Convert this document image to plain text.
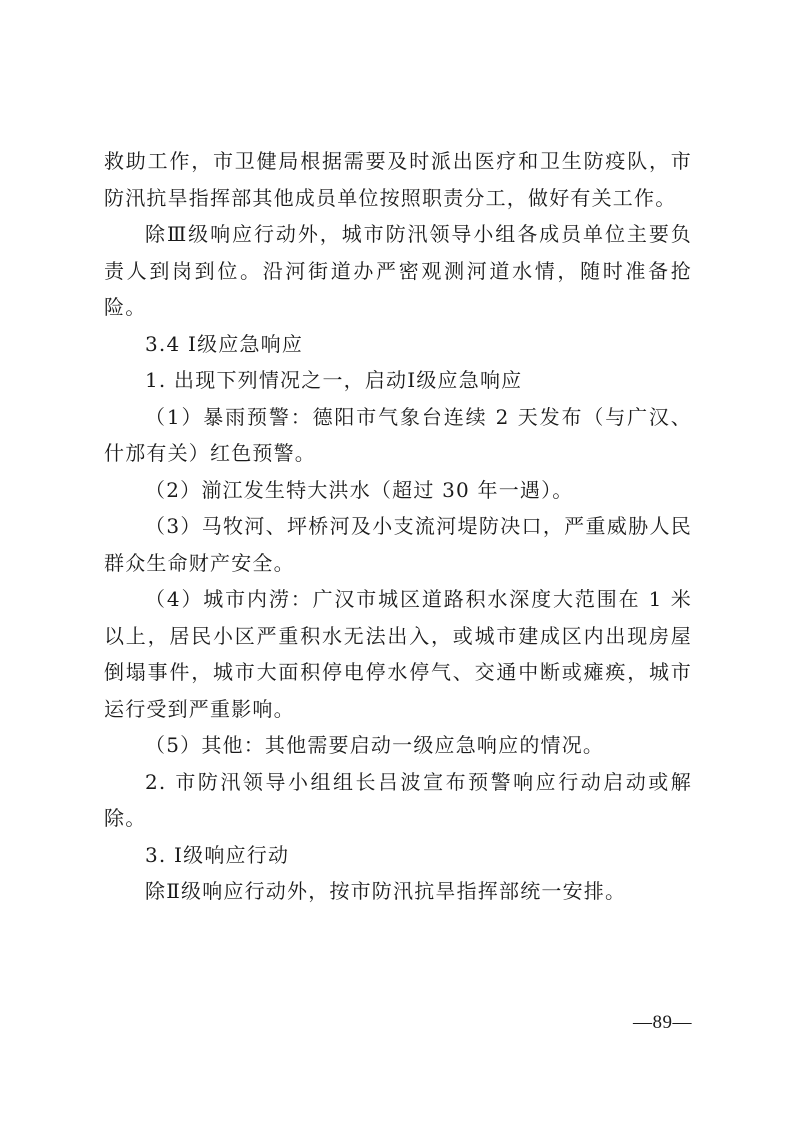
救助工作，市卫健局根据需要及时派出医疗和卫生防疫队，市防汛抗旱指挥部其他成员单位按照职责分工，做好有关工作。

除Ⅲ级响应行动外，城市防汛领导小组各成员单位主要负责人到岗到位。沿河街道办严密观测河道水情，随时准备抢险。

3.4 Ⅰ级应急响应

1. 出现下列情况之一，启动Ⅰ级应急响应

（1）暴雨预警：德阳市气象台连续 2 天发布（与广汉、什邡有关）红色预警。

（2）湔江发生特大洪水（超过 30 年一遇）。

（3）马牧河、坪桥河及小支流河堤防决口，严重威胁人民群众生命财产安全。

（4）城市内涝：广汉市城区道路积水深度大范围在 1 米以上，居民小区严重积水无法出入，或城市建成区内出现房屋倒塌事件，城市大面积停电停水停气、交通中断或瘫痪，城市运行受到严重影响。

（5）其他：其他需要启动一级应急响应的情况。

2. 市防汛领导小组组长吕波宣布预警响应行动启动或解除。

3. Ⅰ级响应行动

除Ⅱ级响应行动外，按市防汛抗旱指挥部统一安排。

—89—
